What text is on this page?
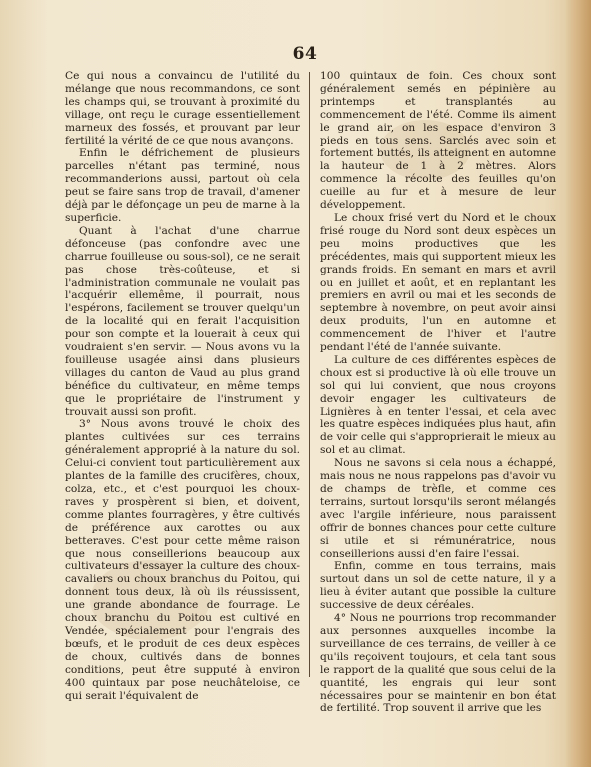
64

Ce qui nous a convaincu de l'utilité du mélange que nous recommandons, ce sont les champs qui, se trouvant à proximité du village, ont reçu le curage essentiellement marneux des fossés, et prouvant par leur fertilité la vérité de ce que nous avançons.

Enfin le défrichement de plusieurs parcelles n'étant pas terminé, nous recommanderions aussi, partout où cela peut se faire sans trop de travail, d'amener déjà par le défonçage un peu de marne à la superficie.

Quant à l'achat d'une charrue défonceuse (pas confondre avec une charrue fouilleuse ou sous-sol), ce ne serait pas chose très-coûteuse, et si l'administration communale ne voulait pas l'acquérir ellemême, il pourrait, nous l'espérons, facilement se trouver quelqu'un de la localité qui en ferait l'acquisition pour son compte et la louerait à ceux qui voudraient s'en servir. — Nous avons vu la fouilleuse usagée ainsi dans plusieurs villages du canton de Vaud au plus grand bénéfice du cultivateur, en même temps que le propriétaire de l'instrument y trouvait aussi son profit.

3° Nous avons trouvé le choix des plantes cultivées sur ces terrains généralement approprié à la nature du sol. Celui-ci convient tout particulièrement aux plantes de la famille des crucifères, choux, colza, etc., et c'est pourquoi les choux-raves y prospèrent si bien, et doivent, comme plantes fourragères, y être cultivés de préférence aux carottes ou aux betteraves. C'est pour cette même raison que nous conseillerions beaucoup aux cultivateurs d'essayer la culture des choux-cavaliers ou choux branchus du Poitou, qui donnent tous deux, là où ils réussissent, une grande abondance de fourrage. Le choux branchu du Poitou est cultivé en Vendée, spécialement pour l'engrais des bœufs, et le produit de ces deux espèces de choux, cultivés dans de bonnes conditions, peut être supputé à environ 400 quintaux par pose neuchâteloise, ce qui serait l'équivalent de

100 quintaux de foin. Ces choux sont généralement semés en pépinière au printemps et transplantés au commencement de l'été. Comme ils aiment le grand air, on les espace d'environ 3 pieds en tous sens. Sarclés avec soin et fortement buttés, ils atteignent en automne la hauteur de 1 à 2 mètres. Alors commence la récolte des feuilles qu'on cueille au fur et à mesure de leur développement.

Le choux frisé vert du Nord et le choux frisé rouge du Nord sont deux espèces un peu moins productives que les précédentes, mais qui supportent mieux les grands froids. En semant en mars et avril ou en juillet et août, et en replantant les premiers en avril ou mai et les seconds de septembre à novembre, on peut avoir ainsi deux produits, l'un en automne et commencement de l'hiver et l'autre pendant l'été de l'année suivante.

La culture de ces différentes espèces de choux est si productive là où elle trouve un sol qui lui convient, que nous croyons devoir engager les cultivateurs de Lignières à en tenter l'essai, et cela avec les quatre espèces indiquées plus haut, afin de voir celle qui s'approprierait le mieux au sol et au climat.

Nous ne savons si cela nous a échappé, mais nous ne nous rappelons pas d'avoir vu de champs de trèfle, et comme ces terrains, surtout lorsqu'ils seront mélangés avec l'argile inférieure, nous paraissent offrir de bonnes chances pour cette culture si utile et si rémunératrice, nous conseillerions aussi d'en faire l'essai.

Enfin, comme en tous terrains, mais surtout dans un sol de cette nature, il y a lieu à éviter autant que possible la culture successive de deux céréales.

4° Nous ne pourrions trop recommander aux personnes auxquelles incombe la surveillance de ces terrains, de veiller à ce qu'ils reçoivent toujours, et cela tant sous le rapport de la qualité que sous celui de la quantité, les engrais qui leur sont nécessaires pour se maintenir en bon état de fertilité. Trop souvent il arrive que les
